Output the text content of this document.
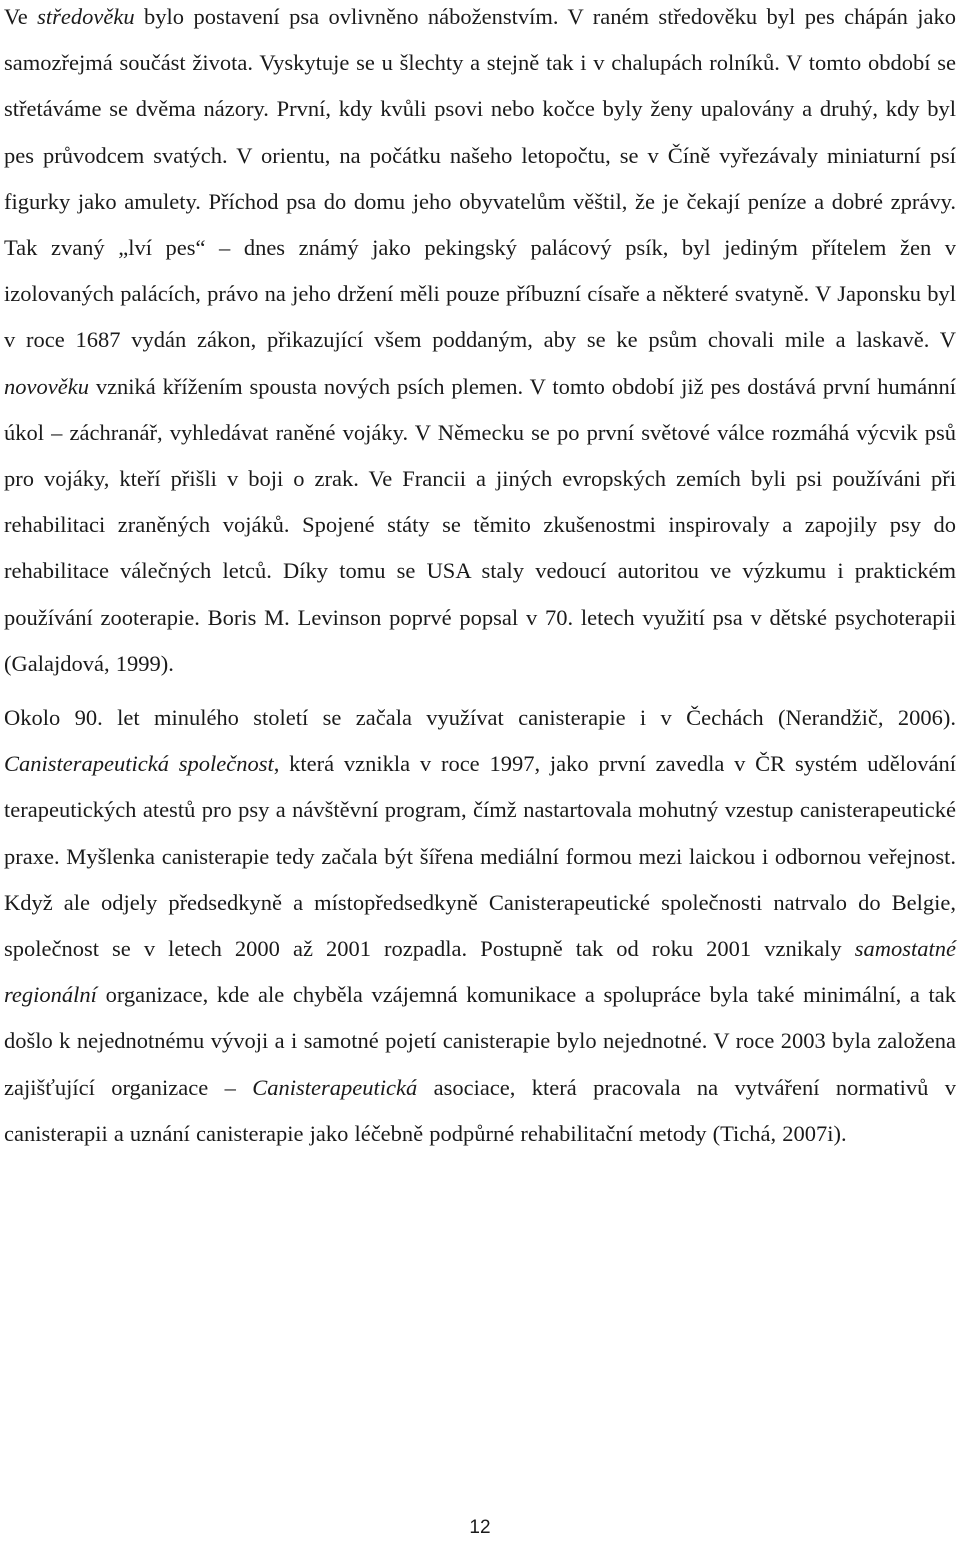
Ve středověku bylo postavení psa ovlivněno náboženstvím. V raném středověku byl pes chápán jako samozřejmá součást života. Vyskytuje se u šlechty a stejně tak i v chalupách rolníků. V tomto období se střetáváme se dvěma názory. První, kdy kvůli psovi nebo kočce byly ženy upalovány a druhý, kdy byl pes průvodcem svatých. V orientu, na počátku našeho letopočtu, se v Číně vyřezávaly miniaturní psí figurky jako amulety. Příchod psa do domu jeho obyvatelům věštil, že je čekají peníze a dobré zprávy. Tak zvaný „lví pes“ – dnes známý jako pekingský palácový psík, byl jediným přítelem žen v izolovaných palácích, právo na jeho držení měli pouze příbuzní císaře a některé svatyně. V Japonsku byl v roce 1687 vydán zákon, přikazující všem poddaným, aby se ke psům chovali mile a laskavě. V novověku vzniká křížením spousta nových psích plemen. V tomto období již pes dostává první humánní úkol – záchranář, vyhledávat raněné vojáky. V Německu se po první světové válce rozmáhá výcvik psů pro vojáky, kteří přišli v boji o zrak. Ve Francii a jiných evropských zemích byli psi používáni při rehabilitaci zraněných vojáků. Spojené státy se těmito zkušenostmi inspirovaly a zapojily psy do rehabilitace válečných letců. Díky tomu se USA staly vedoucí autoritou ve výzkumu i praktickém používání zooterapie. Boris M. Levinson poprvé popsal v 70. letech využití psa v dětské psychoterapii (Galajdová, 1999).

Okolo 90. let minulého století se začala využívat canisterapie i v Čechách (Nerandžič, 2006). Canisterapeutická společnost, která vznikla v roce 1997, jako první zavedla v ČR systém udělování terapeutických atestů pro psy a návštěvní program, čímž nastartovala mohutný vzestup canisterapeutické praxe. Myšlenka canisterapie tedy začala být šířena mediální formou mezi laickou i odbornou veřejnost. Když ale odjely předsedkyně a místopředsedkyně Canisterapeutické společnosti natrvalo do Belgie, společnost se v letech 2000 až 2001 rozpadla. Postupně tak od roku 2001 vznikaly samostatné regionální organizace, kde ale chyběla vzájemná komunikace a spolupráce byla také minimální, a tak došlo k nejednotnému vývoji a i samotné pojetí canisterapie bylo nejednotné. V roce 2003 byla založena zajišťující organizace – Canisterapeutická asociace, která pracovala na vytváření normativů v canisterapii a uznání canisterapie jako léčebně podpůrné rehabilitační metody (Tichá, 2007i).

12
